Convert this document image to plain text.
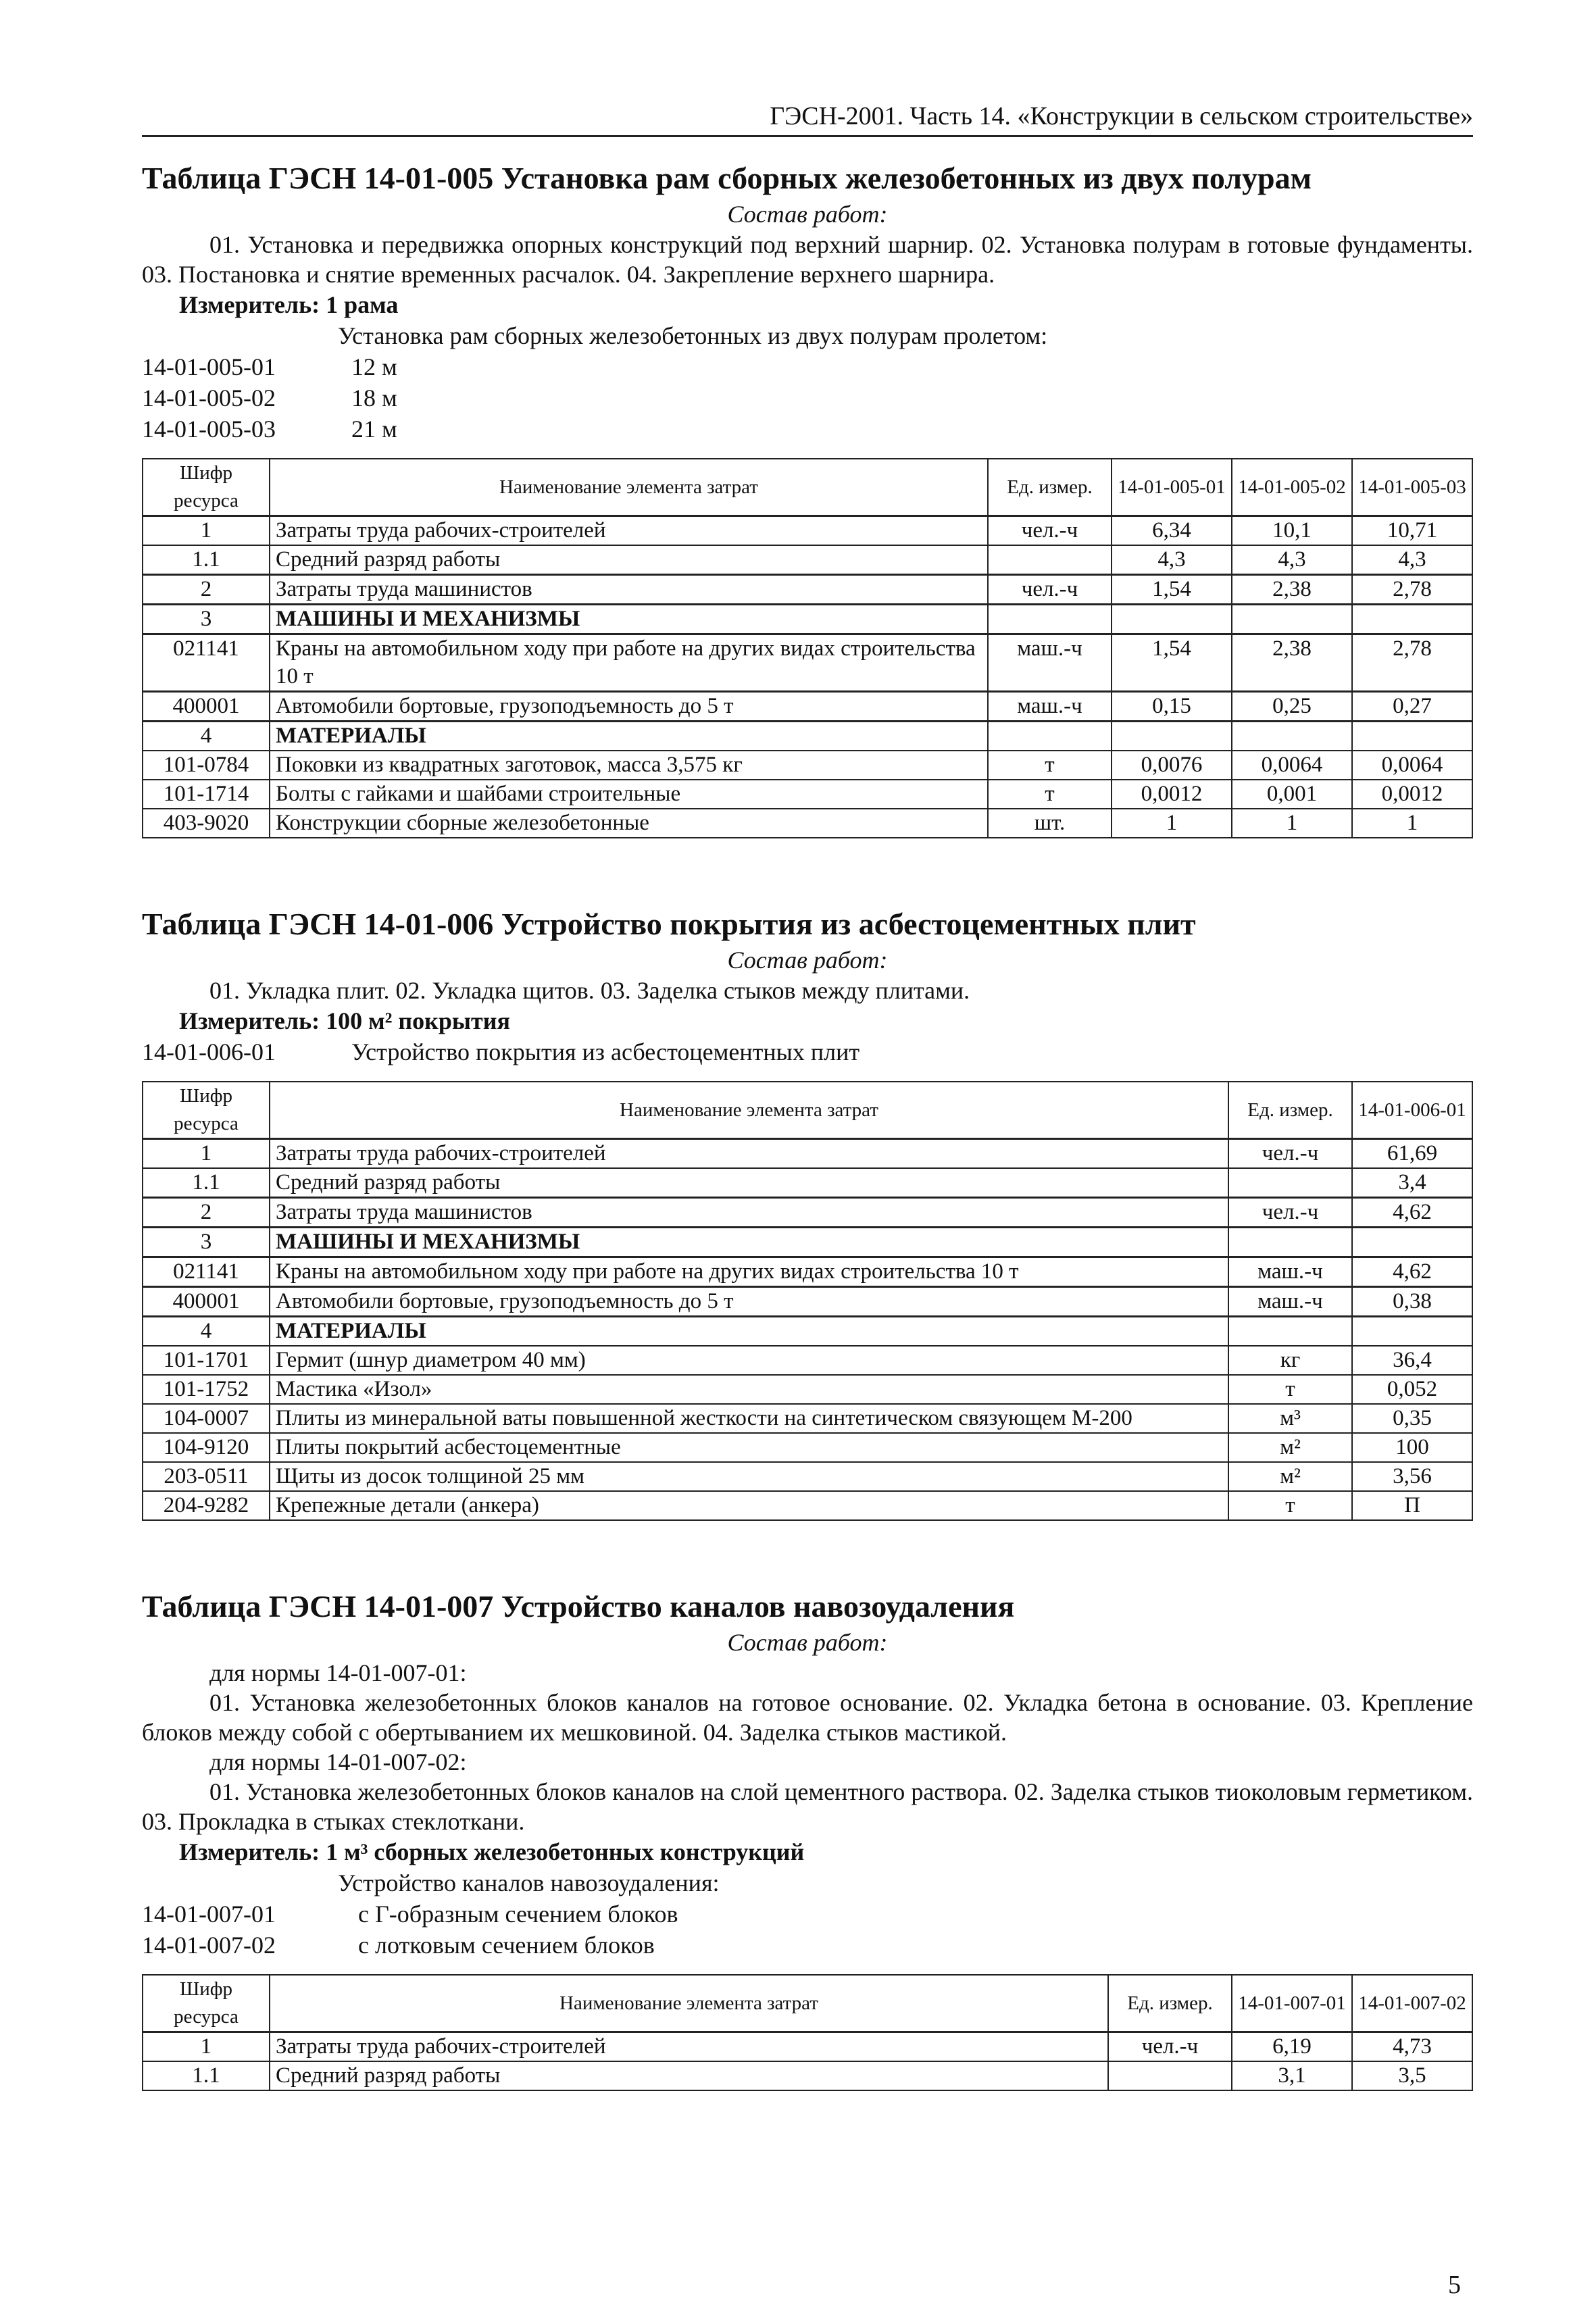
ГЭСН-2001. Часть 14. «Конструкции в сельском строительстве»
Таблица ГЭСН 14-01-005 Установка рам сборных железобетонных из двух полурам
Состав работ:

01. Установка и передвижка опорных конструкций под верхний шарнир. 02. Установка полурам в готовые фундаменты. 03. Постановка и снятие временных расчалок. 04. Закрепление верхнего шарнира.

Измеритель: 1 рама
Установка рам сборных железобетонных из двух полурам пролетом:
14-01-005-01	12 м
14-01-005-02	18 м
14-01-005-03	21 м
Шифр ресурса	Наименование элемента затрат	Ед. измер.	14-01-005-01	14-01-005-02	14-01-005-03
1	Затраты труда рабочих-строителей	чел.-ч	6,34	10,1	10,71
1.1	Средний разряд работы		4,3	4,3	4,3
2	Затраты труда машинистов	чел.-ч	1,54	2,38	2,78
3	МАШИНЫ И МЕХАНИЗМЫ				
021141	Краны на автомобильном ходу при работе на других видах строительства 10 т	маш.-ч	1,54	2,38	2,78
400001	Автомобили бортовые, грузоподъемность до 5 т	маш.-ч	0,15	0,25	0,27
4	МАТЕРИАЛЫ				
101-0784	Поковки из квадратных заготовок, масса 3,575 кг	т	0,0076	0,0064	0,0064
101-1714	Болты с гайками и шайбами строительные	т	0,0012	0,001	0,0012
403-9020	Конструкции сборные железобетонные	шт.	1	1	1
Таблица ГЭСН 14-01-006 Устройство покрытия из асбестоцементных плит
Состав работ:

01. Укладка плит. 02. Укладка щитов. 03. Заделка стыков между плитами.

Измеритель: 100 м² покрытия
14-01-006-01	Устройство покрытия из асбестоцементных плит
Шифр ресурса	Наименование элемента затрат	Ед. измер.	14-01-006-01
1	Затраты труда рабочих-строителей	чел.-ч	61,69
1.1	Средний разряд работы		3,4
2	Затраты труда машинистов	чел.-ч	4,62
3	МАШИНЫ И МЕХАНИЗМЫ		
021141	Краны на автомобильном ходу при работе на других видах строительства 10 т	маш.-ч	4,62
400001	Автомобили бортовые, грузоподъемность до 5 т	маш.-ч	0,38
4	МАТЕРИАЛЫ		
101-1701	Гермит (шнур диаметром 40 мм)	кг	36,4
101-1752	Мастика «Изол»	т	0,052
104-0007	Плиты из минеральной ваты повышенной жесткости на синтетическом связующем М-200	м³	0,35
104-9120	Плиты покрытий асбестоцементные	м²	100
203-0511	Щиты из досок толщиной 25 мм	м²	3,56
204-9282	Крепежные детали (анкера)	т	П
Таблица ГЭСН 14-01-007 Устройство каналов навозоудаления
Состав работ:

для нормы 14-01-007-01:

01. Установка железобетонных блоков каналов на готовое основание. 02. Укладка бетона в основание. 03. Крепление блоков между собой с обертыванием их мешковиной. 04. Заделка стыков мастикой.

для нормы 14-01-007-02:

01. Установка железобетонных блоков каналов на слой цементного раствора. 02. Заделка стыков тиоколовым герметиком. 03. Прокладка в стыках стеклоткани.

Измеритель: 1 м³ сборных железобетонных конструкций
Устройство каналов навозоудаления:
14-01-007-01	с Г-образным сечением блоков
14-01-007-02	с лотковым сечением блоков
Шифр ресурса	Наименование элемента затрат	Ед. измер.	14-01-007-01	14-01-007-02
1	Затраты труда рабочих-строителей	чел.-ч	6,19	4,73
1.1	Средний разряд работы		3,1	3,5
5
